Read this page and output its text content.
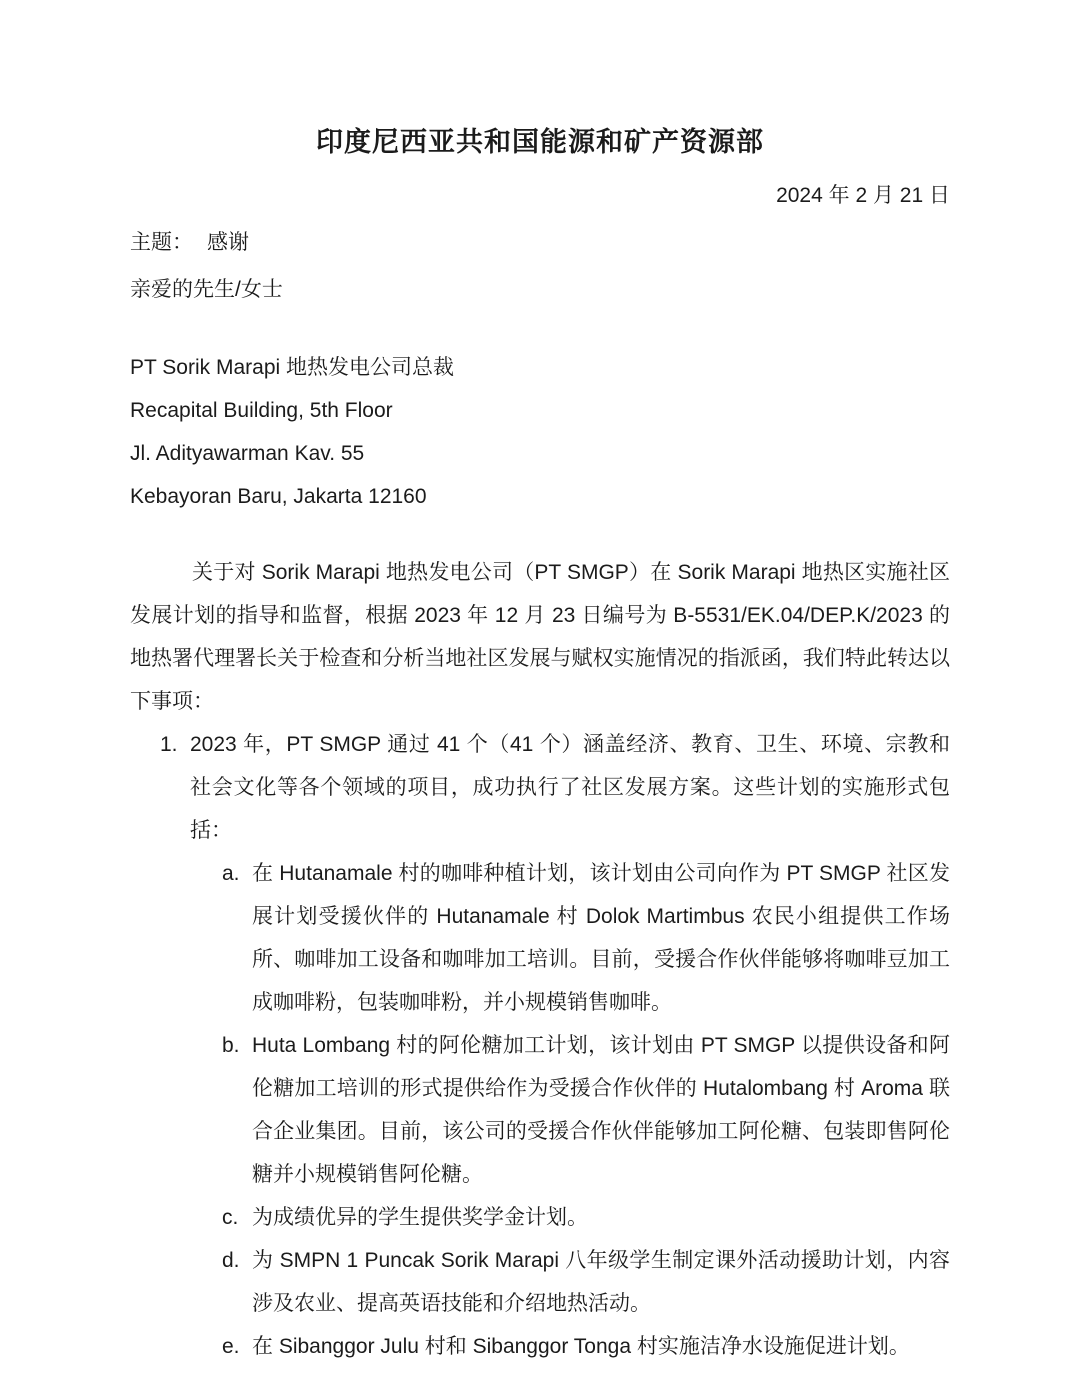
印度尼西亚共和国能源和矿产资源部
2024 年 2 月 21 日
主题： 感谢
亲爱的先生/女士
PT Sorik Marapi 地热发电公司总裁
Recapital Building, 5th Floor
Jl. Adityawarman Kav. 55
Kebayoran Baru, Jakarta 12160

关于对 Sorik Marapi 地热发电公司（PT SMGP）在 Sorik Marapi 地热区实施社区发展计划的指导和监督，根据 2023 年 12 月 23 日编号为 B-5531/EK.04/DEP.K/2023 的地热署代理署长关于检查和分析当地社区发展与赋权实施情况的指派函，我们特此转达以下事项：

1. 2023 年，PT SMGP 通过 41 个（41 个）涵盖经济、教育、卫生、环境、宗教和社会文化等各个领域的项目，成功执行了社区发展方案。这些计划的实施形式包括：
a. 在 Hutanamale 村的咖啡种植计划，该计划由公司向作为 PT SMGP 社区发展计划受援伙伴的 Hutanamale 村 Dolok Martimbus 农民小组提供工作场所、咖啡加工设备和咖啡加工培训。目前，受援合作伙伴能够将咖啡豆加工成咖啡粉，包装咖啡粉，并小规模销售咖啡。
b. Huta Lombang 村的阿伦糖加工计划，该计划由 PT SMGP 以提供设备和阿伦糖加工培训的形式提供给作为受援合作伙伴的 Hutalombang 村 Aroma 联合企业集团。目前，该公司的受援合作伙伴能够加工阿伦糖、包装即售阿伦糖并小规模销售阿伦糖。
c. 为成绩优异的学生提供奖学金计划。
d. 为 SMPN 1 Puncak Sorik Marapi 八年级学生制定课外活动援助计划，内容涉及农业、提高英语技能和介绍地热活动。
e. 在 Sibanggor Julu 村和 Sibanggor Tonga 村实施洁净水设施促进计划。
